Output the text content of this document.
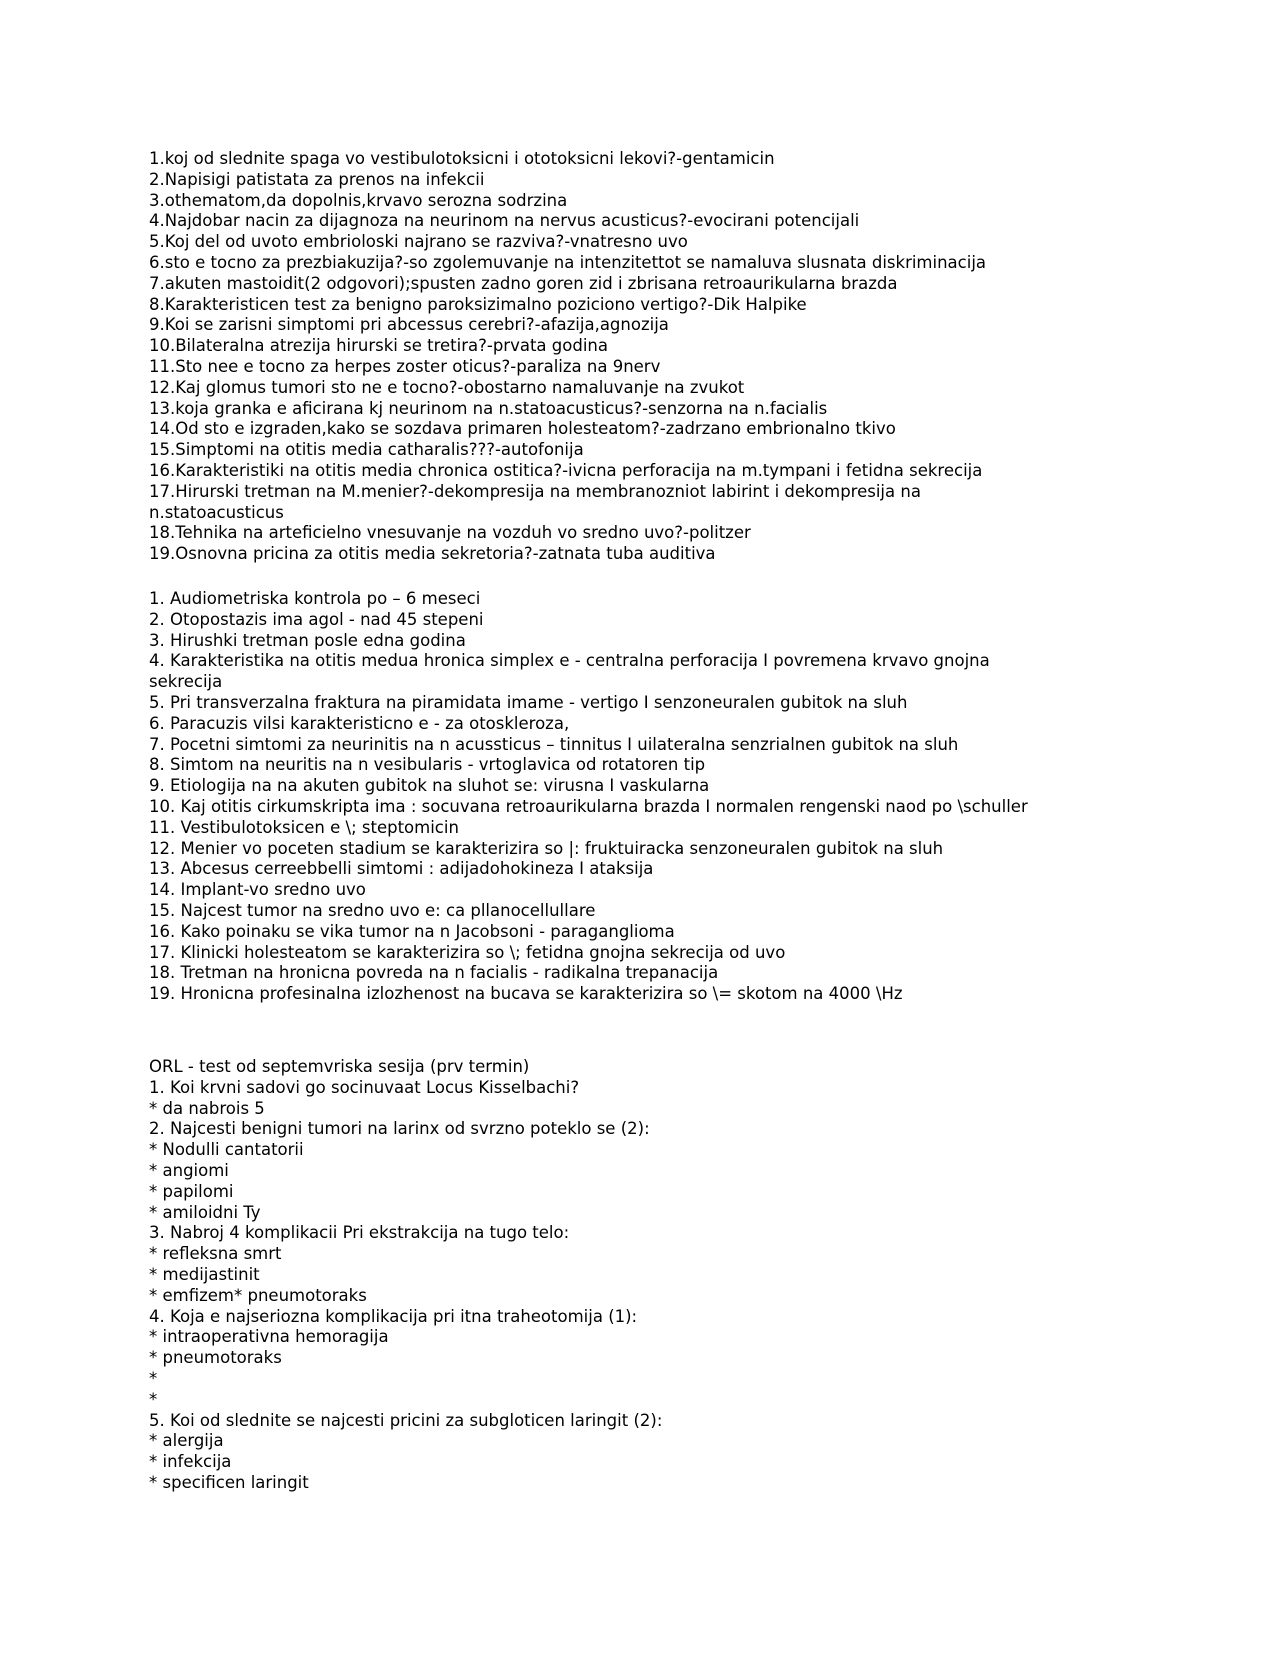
1.koj od slednite spaga vo vestibulotoksicni i ototoksicni lekovi?-gentamicin

2.Napisigi patistata za prenos na infekcii

3.othematom,da dopolnis,krvavo serozna sodrzina

4.Najdobar nacin za dijagnoza na neurinom na nervus acusticus?-evocirani potencijali

5.Koj del od uvoto embrioloski najrano se razviva?-vnatresno uvo

6.sto e tocno za prezbiakuzija?-so zgolemuvanje na intenzitettot se namaluva slusnata diskriminacija

7.akuten mastoidit(2 odgovori);spusten zadno goren zid i zbrisana retroaurikularna brazda

8.Karakteristicen test za benigno paroksizimalno poziciono vertigo?-Dik Halpike

9.Koi se zarisni simptomi pri abcessus cerebri?-afazija,agnozija

10.Bilateralna atrezija hirurski se tretira?-prvata godina

11.Sto nee e tocno za herpes zoster oticus?-paraliza na 9nerv

12.Kaj glomus tumori sto ne e tocno?-obostarno namaluvanje na zvukot

13.koja granka e aficirana kj neurinom na n.statoacusticus?-senzorna na n.facialis

14.Od sto e izgraden,kako se sozdava primaren holesteatom?-zadrzano embrionalno tkivo

15.Simptomi na otitis media catharalis???-autofonija

16.Karakteristiki na otitis media chronica ostitica?-ivicna perforacija na m.tympani i fetidna sekrecija

17.Hirurski tretman na M.menier?-dekompresija na membranozniot labirint i dekompresija na

n.statoacusticus

18.Tehnika na arteficielno vnesuvanje na vozduh vo sredno uvo?-politzer

19.Osnovna pricina za otitis media sekretoria?-zatnata tuba auditiva

1. Audiometriska kontrola po – 6 meseci

2. Otopostazis ima agol - nad 45 stepeni

3. Hirushki tretman posle edna godina

4. Karakteristika na otitis medua hronica simplex e - centralna perforacija I povremena krvavo gnojna

sekrecija

5. Pri transverzalna fraktura na piramidata imame - vertigo I senzoneuralen gubitok na sluh

6. Paracuzis vilsi karakteristicno e - za otoskleroza,

7. Pocetni simtomi za neurinitis na n acussticus – tinnitus I uilateralna senzrialnen gubitok na sluh

8. Simtom na neuritis na n vesibularis - vrtoglavica od rotatoren tip

9. Etiologija na na akuten gubitok na sluhot se: virusna I vaskularna

10. Kaj otitis cirkumskripta ima : socuvana retroaurikularna brazda I normalen rengenski naod po \schuller

11. Vestibulotoksicen e \; steptomicin

12. Menier vo poceten stadium se karakterizira so |: fruktuiracka senzoneuralen gubitok na sluh

13. Abcesus cerreebbelli simtomi : adijadohokineza I ataksija

14. Implant-vo sredno uvo

15. Najcest tumor na sredno uvo e: ca pllanocellullare

16. Kako poinaku se vika tumor na n Jacobsoni - paraganglioma

17. Klinicki holesteatom se karakterizira so \; fetidna gnojna sekrecija od uvo

18. Tretman na hronicna povreda na n facialis - radikalna trepanacija

19. Hronicna profesinalna izlozhenost na bucava se karakterizira so \= skotom na 4000 \Hz

ORL - test od septemvriska sesija (prv termin)

1. Koi krvni sadovi go socinuvaat Locus Kisselbachi?

* da nabrois 5

2. Najcesti benigni tumori na larinx od svrzno poteklo se (2):

* Nodulli cantatorii

* angiomi

* papilomi

* amiloidni Ty

3. Nabroj 4 komplikacii Pri ekstrakcija na tugo telo:

* refleksna smrt

* medijastinit

* emfizem* pneumotoraks

4. Koja e najseriozna komplikacija pri itna traheotomija (1):

* intraoperativna hemoragija

* pneumotoraks

*

*

5. Koi od slednite se najcesti pricini za subgloticen laringit (2):

* alergija

* infekcija

* specificen laringit
